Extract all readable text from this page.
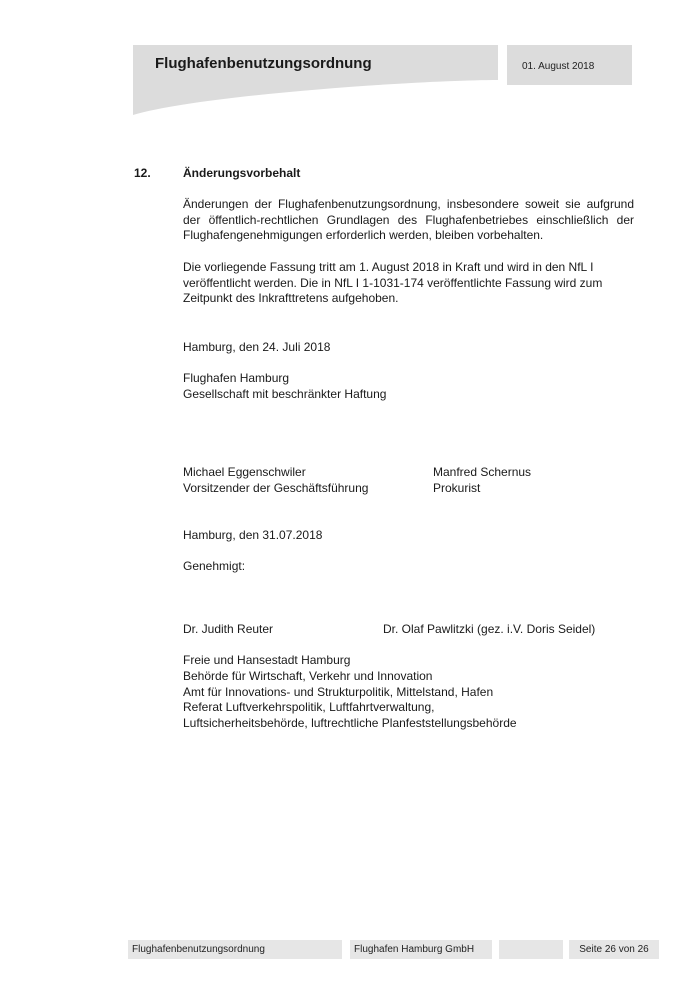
Flughafenbenutzungsordnung	01. August 2018
12.	Änderungsvorbehalt
Änderungen der Flughafenbenutzungsordnung, insbesondere soweit sie aufgrund der öffentlich-rechtlichen Grundlagen des Flughafenbetriebes einschließlich der Flughafengenehmigungen erforderlich werden, bleiben vorbehalten.
Die vorliegende Fassung tritt am 1. August 2018 in Kraft und wird in den NfL I
veröffentlicht werden. Die in NfL I 1-1031-174 veröffentlichte Fassung wird zum
Zeitpunkt des Inkrafttretens aufgehoben.
Hamburg, den 24. Juli 2018
Flughafen Hamburg
Gesellschaft mit beschränkter Haftung
Michael Eggenschwiler
Vorsitzender der Geschäftsführung
Manfred Schernus
Prokurist
Hamburg, den 31.07.2018
Genehmigt:
Dr. Judith Reuter	Dr. Olaf Pawlitzki (gez. i.V. Doris Seidel)
Freie und Hansestadt Hamburg
Behörde für Wirtschaft, Verkehr und Innovation
Amt für Innovations- und Strukturpolitik, Mittelstand, Hafen
Referat Luftverkehrspolitik, Luftfahrtverwaltung,
Luftsicherheitsbehörde, luftrechtliche Planfeststellungsbehörde
Flughafenbenutzungsordnung	Flughafen Hamburg GmbH	Seite 26 von 26
